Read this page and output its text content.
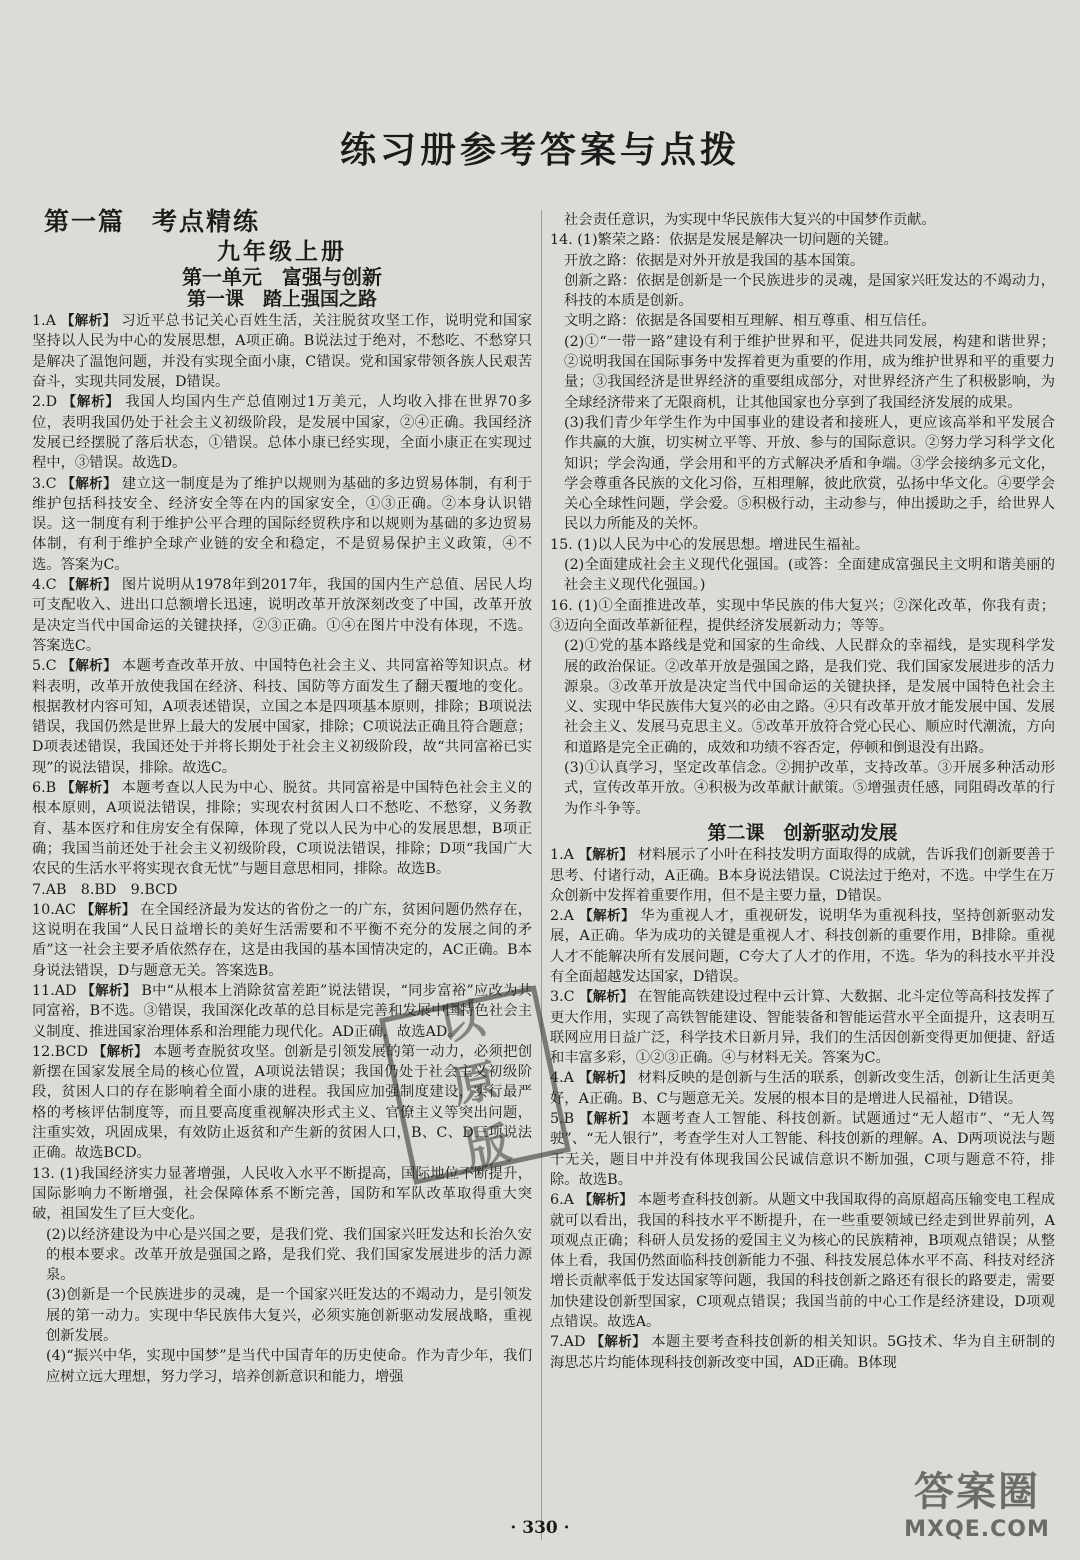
练习册参考答案与点拨
第一篇　考点精练
九年级上册
第一单元　富强与创新
第一课　踏上强国之路

1.A 【解析】 习近平总书记关心百姓生活，关注脱贫攻坚工作，说明党和国家坚持以人民为中心的发展思想，A项正确。B说法过于绝对，不愁吃、不愁穿只是解决了温饱问题，并没有实现全面小康，C错误。党和国家带领各族人民艰苦奋斗，实现共同发展，D错误。

2.D 【解析】 我国人均国内生产总值刚过1万美元，人均收入排在世界70多位，表明我国仍处于社会主义初级阶段，是发展中国家，②④正确。我国经济发展已经摆脱了落后状态，①错误。总体小康已经实现，全面小康正在实现过程中，③错误。故选D。

3.C 【解析】 建立这一制度是为了维护以规则为基础的多边贸易体制，有利于维护包括科技安全、经济安全等在内的国家安全，①③正确。②本身认识错误。这一制度有利于维护公平合理的国际经贸秩序和以规则为基础的多边贸易体制，有利于维护全球产业链的安全和稳定，不是贸易保护主义政策，④不选。答案为C。

4.C 【解析】 图片说明从1978年到2017年，我国的国内生产总值、居民人均可支配收入、进出口总额增长迅速，说明改革开放深刻改变了中国，改革开放是决定当代中国命运的关键抉择，②③正确。①④在图片中没有体现，不选。答案选C。

5.C 【解析】 本题考查改革开放、中国特色社会主义、共同富裕等知识点。材料表明，改革开放使我国在经济、科技、国防等方面发生了翻天覆地的变化。根据教材内容可知，A项表述错误，立国之本是四项基本原则，排除；B项说法错误，我国仍然是世界上最大的发展中国家，排除；C项说法正确且符合题意；D项表述错误，我国还处于并将长期处于社会主义初级阶段，故“共同富裕已实现”的说法错误，排除。故选C。

6.B 【解析】 本题考查以人民为中心、脱贫。共同富裕是中国特色社会主义的根本原则，A项说法错误，排除；实现农村贫困人口不愁吃、不愁穿，义务教育、基本医疗和住房安全有保障，体现了党以人民为中心的发展思想，B项正确；我国当前还处于社会主义初级阶段，C项说法错误，排除；D项“我国广大农民的生活水平将实现衣食无忧”与题目意思相同，排除。故选B。

7.AB　8.BD　9.BCD

10.AC 【解析】 在全国经济最为发达的省份之一的广东，贫困问题仍然存在，这说明在我国“人民日益增长的美好生活需要和不平衡不充分的发展之间的矛盾”这一社会主要矛盾依然存在，这是由我国的基本国情决定的，AC正确。B本身说法错误，D与题意无关。答案选B。

11.AD 【解析】 B中“从根本上消除贫富差距”说法错误，“同步富裕”应改为共同富裕，B不选。③错误，我国深化改革的总目标是完善和发展中国特色社会主义制度、推进国家治理体系和治理能力现代化。AD正确，故选AD。

12.BCD 【解析】 本题考查脱贫攻坚。创新是引领发展的第一动力，必须把创新摆在国家发展全局的核心位置，A项说法错误；我国仍处于社会主义初级阶段，贫困人口的存在影响着全面小康的进程。我国应加强制度建设，实行最严格的考核评估制度等，而且要高度重视解决形式主义、官僚主义等突出问题，注重实效，巩固成果，有效防止返贫和产生新的贫困人口，B、C、D三项说法正确。故选BCD。

13. (1)我国经济实力显著增强，人民收入水平不断提高，国际地位不断提升，国际影响力不断增强，社会保障体系不断完善，国防和军队改革取得重大突破，祖国发生了巨大变化。

(2)以经济建设为中心是兴国之要，是我们党、我们国家兴旺发达和长治久安的根本要求。改革开放是强国之路，是我们党、我们国家发展进步的活力源泉。

(3)创新是一个民族进步的灵魂，是一个国家兴旺发达的不竭动力，是引领发展的第一动力。实现中华民族伟大复兴，必须实施创新驱动发展战略，重视创新发展。

(4)“振兴中华，实现中国梦”是当代中国青年的历史使命。作为青少年，我们应树立远大理想，努力学习，培养创新意识和能力，增强

社会责任意识，为实现中华民族伟大复兴的中国梦作贡献。

14. (1)繁荣之路：依据是发展是解决一切问题的关键。

开放之路：依据是对外开放是我国的基本国策。

创新之路：依据是创新是一个民族进步的灵魂，是国家兴旺发达的不竭动力，科技的本质是创新。

文明之路：依据是各国要相互理解、相互尊重、相互信任。

(2)①“一带一路”建设有利于维护世界和平，促进共同发展，构建和谐世界；②说明我国在国际事务中发挥着更为重要的作用，成为维护世界和平的重要力量；③我国经济是世界经济的重要组成部分，对世界经济产生了积极影响，为全球经济带来了无限商机，让其他国家也分享到了我国经济发展的成果。

(3)我们青少年学生作为中国事业的建设者和接班人，更应该高举和平发展合作共赢的大旗，切实树立平等、开放、参与的国际意识。②努力学习科学文化知识；学会沟通，学会用和平的方式解决矛盾和争端。③学会接纳多元文化，学会尊重各民族的文化习俗，互相理解，彼此欣赏，弘扬中华文化。④要学会关心全球性问题，学会爱。⑤积极行动，主动参与，伸出援助之手，给世界人民以力所能及的关怀。

15. (1)以人民为中心的发展思想。增进民生福祉。

(2)全面建成社会主义现代化强国。(或答：全面建成富强民主文明和谐美丽的社会主义现代化强国。)

16. (1)①全面推进改革，实现中华民族的伟大复兴；②深化改革，你我有责；③迈向全面改革新征程，提供经济发展新动力；等等。

(2)①党的基本路线是党和国家的生命线、人民群众的幸福线，是实现科学发展的政治保证。②改革开放是强国之路，是我们党、我们国家发展进步的活力源泉。③改革开放是决定当代中国命运的关键抉择，是发展中国特色社会主义、实现中华民族伟大复兴的必由之路。④只有改革开放才能发展中国、发展社会主义、发展马克思主义。⑤改革开放符合党心民心、顺应时代潮流，方向和道路是完全正确的，成效和功绩不容否定，停顿和倒退没有出路。

(3)①认真学习，坚定改革信念。②拥护改革，支持改革。③开展多种活动形式，宣传改革开放。④积极为改革献计献策。⑤增强责任感，同阻碍改革的行为作斗争等。

第二课　创新驱动发展

1.A 【解析】 材料展示了小叶在科技发明方面取得的成就，告诉我们创新要善于思考、付诸行动，A正确。B本身说法错误。C说法过于绝对，不选。中学生在万众创新中发挥着重要作用，但不是主要力量，D错误。

2.A 【解析】 华为重视人才，重视研发，说明华为重视科技，坚持创新驱动发展，A正确。华为成功的关键是重视人才、科技创新的重要作用，B排除。重视人才不能解决所有发展问题，C夸大了人才的作用，不选。华为的科技水平并没有全面超越发达国家，D错误。

3.C 【解析】 在智能高铁建设过程中云计算、大数据、北斗定位等高科技发挥了更大作用，实现了高铁智能建设、智能装备和智能运营水平全面提升，这表明互联网应用日益广泛，科学技术日新月异，我们的生活因创新变得更加便捷、舒适和丰富多彩，①②③正确。④与材料无关。答案为C。

4.A 【解析】 材料反映的是创新与生活的联系，创新改变生活，创新让生活更美好，A正确。B、C与题意无关。发展的根本目的是增进人民福祉，D错误。

5.B 【解析】 本题考查人工智能、科技创新。试题通过“无人超市”、“无人驾驶”、“无人银行”，考查学生对人工智能、科技创新的理解。A、D两项说法与题干无关，题目中并没有体现我国公民诚信意识不断加强，C项与题意不符，排除。故选B。

6.A 【解析】 本题考查科技创新。从题文中我国取得的高原超高压输变电工程成就可以看出，我国的科技水平不断提升，在一些重要领域已经走到世界前列，A项观点正确；科研人员发扬的爱国主义为核心的民族精神，B项观点错误；从整体上看，我国仍然面临科技创新能力不强、科技发展总体水平不高、科技对经济增长贡献率低于发达国家等问题，我国的科技创新之路还有很长的路要走，需要加快建设创新型国家，C项观点错误；我国当前的中心工作是经济建设，D项观点错误。故选A。

7.AD 【解析】 本题主要考查科技创新的相关知识。5G技术、华为自主研制的海思芯片均能体现科技创新改变中国，AD正确。B体现

以
原
版
· 330 ·
答案圈
MXQE.COM
